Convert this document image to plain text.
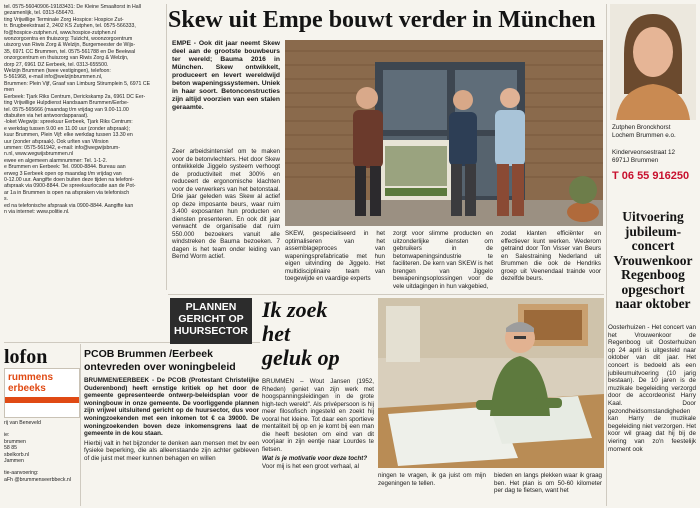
tel. 0575-56040906-19183431: De Kleine Smaaltorst in Hall
gezamenlijk, tel. 0313-656470.
ting Vrijwillige Terminale Zorg Hospice: Hospice Zut-
tr. Brugbeekstraat 2, 2402 KS Zutphen, tel. 0575-566333,
fo@hospice-zutphen.nl, www.hospice-zutphen.nl
wonzorgcentra en thuiszorg: Tuizicht, woonzorgcentrum
uiszorg van Riwis Zorg & Welzijn, Burgemeester de Wijs-
35, 6971 CC Brummen, tel. 0575-561788 en De Beekwal
onzorgcentrum en thuiszorg van Riwis Zorg & Welzijn,
dorp 27, 6961 DZ Eerbeek, tel. 0313-655500.
Welzijn Brummen (twee vestigingen), telefoon:
5-561968, e-mail info@welzijnbrummen.nl,
Brummen: Plein Vijf, Graaf van Limburg Stirumplein 5, 6971 CE
men
Eerbeek: Tjark Riks Centrum, Derickskamp 2a, 6961 DC Eer-
ting Vrijwillige Hulpdienst Handsaam Brummen/Eerbe-
tel. 0575-565666 (maandag t/m vrijdag van 9.00-11.00
dtabuiten via het antwoordapparaat).
-loket Wegwijs: spreekuur Eerbeek, Tjark Riks Centrum:
e werkdag tussen 9.00 en 11.00 uur (zonder afspraak);
kuur Brummen, Plein Vijf: elke werkdag tussen 13.30 en
uur (zonder afspraak). Ook urlten van Vilrsion
ummen: 0575-561942, e-mail: info@wegwijsbrum-
n.nl, www.wegwijsbrummen.nl
ewee en algemeen alarmnummer: Tel. 1-1-2.
e Brummen en Eerbeek: Tel. 0900-8844. Bureau aan
erweg 3 Eerbeek open op maandag t/m vrijdag van
0-12.00 uur. Aangifte doen buiten deze tijden na telefoni-
afspraak via 0900-8844. De spreekuurlocatie aan de Pot-
ar 1a in Brummen is open na afspraken via telefonisch
s.
ed na telefonische afspraak via 0900-8844. Aangifte kan
n via internet: www.politie.nl.
lofon
rummens
erbeeks
rij van Beneveld
ie:
brummen
58 85
sbelkorb.nl
Jammen
tie-aanvoering:
aFh @brummenseerbbeck.nl
Skew uit Empe bouwt verder in München
EMPE - Ook dit jaar neemt Skew deel aan de grootste bouwbeurs ter wereld; Bauma 2016 in München. Skew ontwikkelt, produceert en levert wereldwijd beton wapeningssystemen. Uniek in haar soort. Betonconstructies zijn altijd voorzien van een stalen geraamte.
Zeer arbeidsintensief om te maken voor de betonvlechters. Het door Skew ontwikkelde Jiggelo systeem verhoogt de productiviteit met 300% en reduceert de ergonomische klachten voor de verwerkers van het betonstaal. Drie jaar geleden was Skew al actief op deze imposante beurs, waar ruim 3.400 exposanten hun producten en diensten presenteren. En ook dit jaar verwacht de organisatie dat ruim 550.000 bezoekers vanuit alle windstreken de Bauma bezoeken. 7 dagen is het team onder leiding van Bernd Worm actief.
SKEW, gespecialiseerd in het optimaliseren van het assemblageproces van wapeningsprefabricatie met hun eigen uitvinding de Jiggelo. Het multidisciplinaire team van toegewijde en vaardige experts
zorgt voor slimme producten en uitzonderlijke diensten om gebruikers in de betonwapeningsindustrie te faciliteren. De kern van SKEW is het brengen van Jiggelo bewapeningsoplossingen voor de vele uitdagingen in hun vakgebied,
zodat klanten efficiënter en effectiever kunt werken. Wederom getraind door Ton Visser van Beurs en Salestraining Nederland uit Brummen die ook de Hendriks groep uit Veenendaal traindе voor dezelfde beurs.
Zutphen Bronckhorst
Lochem Brummen e.o.
Kinderveonsestraat 12
6971J Brummen
T 06 55 916250
Uitvoering jubileum-concert Vrouwenkoor Regenboog opgeschort naar oktober
Oosterhuizen - Het concert van het Vrouwenkoor de Regenboog uit Oosterhuizen op 24 april is uitgesteld naar oktober van dit jaar. Het concert is bedoeld als een jubileumuitvoering (10 jarig bestaan). De 10 jaren is de muzikale begeleiding verzorgd door de accordeonist Harry Kaal. Door gezondheidsomstandigheden kan Harry de muzikale begeleiding niet verzorgen. Het koor wil graag dat hij bij de viering van zo'n feestelijk moment ook
PLANNEN
GERICHT OP
HUURSECTOR
PCOB Brummen /Eerbeek
ontevreden over woningbeleid
BRUMMEN/EERBEEK - De PCOB (Protestant Christelijke Ouderenbond) heeft ernstige kritiek op het door de gemeente gepresenteerde ontwerp-beleidsplan voor de woningbouw in onze gemeente. De voorliggende plannen zijn vrijwel uitsluitend gericht op de huursector, dus voor woningzoekenden met een inkomen tot € ca 39000. De woningzoekenden boven deze inkomensgrens laat de gemeente in de kou staan.
Hierbij valt in het bijzonder te denken aan mensen met bv een fysieke beperking, die als alleenstaande zijn achter gebleven of die juist met meer kunnen behagen en willen
Ik zoek
het
geluk op
BRUMMEN – Wout Jansen (1952, Rheden) geniet van zijn werk met hoogspanningsleidingen in de grote high-tech wereld". Als privépersoon is hij meer filosofisch ingesteld en zoekt hij vooral het kleine. Tot daar een sportieve mentaliteit bij op en je komt bij een man die heeft besloten om eind van dit voorjaar in zijn eentje naar Lourdes te fietsen.
Wat is je motivatie voor deze tocht?
Voor mij is het een groot verhaal, al
ningen te vragen, ik ga juist om mijn zegeningen te tellen.
bieden en langs plekken waar ik graag ben. Het plan is om 50-60 kilometer per dag te fietsen, want het
